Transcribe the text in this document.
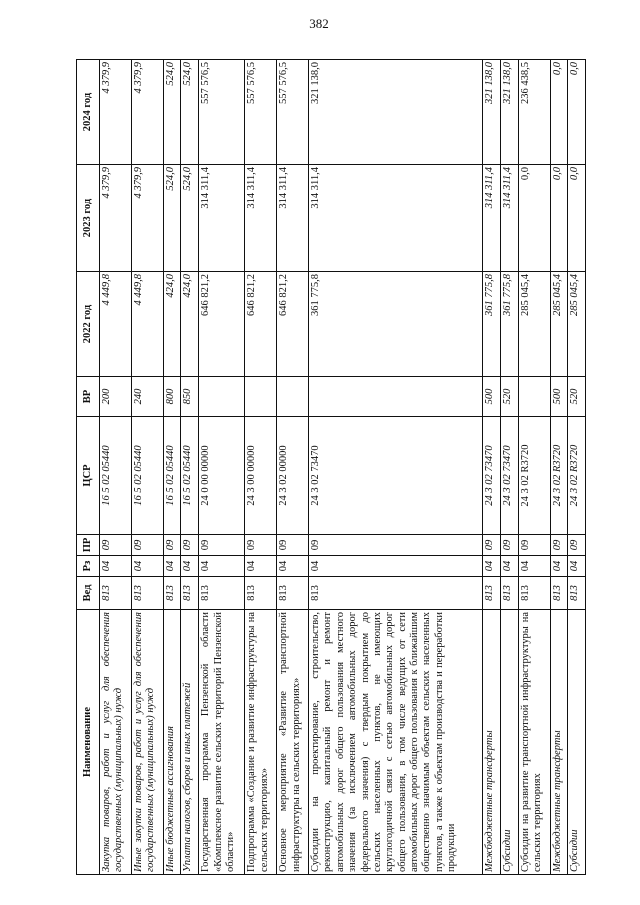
382
Наименование	Вед	Рз	ПР	ЦСР	ВР	2022 год	2023 год	2024 год
Закупка товаров, работ и услуг для обеспечения государственных (муниципальных) нужд	813	04	09	16 5 02 05440	200	4 449,8	4 379,9	4 379,9
Иные закупки товаров, работ и услуг для обеспечения государственных (муниципальных) нужд	813	04	09	16 5 02 05440	240	4 449,8	4 379,9	4 379,9
Иные бюджетные ассигнования	813	04	09	16 5 02 05440	800	424,0	524,0	524,0
Уплата налогов, сборов и иных платежей	813	04	09	16 5 02 05440	850	424,0	524,0	524,0
Государственная программа Пензенской области «Комплексное развитие сельских территорий Пензенской области»	813	04	09	24 0 00 00000		646 821,2	314 311,4	557 576,5
Подпрограмма «Создание и развитие инфраструктуры на сельских территориях»	813	04	09	24 3 00 00000		646 821,2	314 311,4	557 576,5
Основное мероприятие «Развитие транспортной инфраструктуры на сельских территориях»	813	04	09	24 3 02 00000		646 821,2	314 311,4	557 576,5
Субсидии на проектирование, строительство, реконструкцию, капитальный ремонт и ремонт автомобильных дорог общего пользования местного значения (за исключением автомобильных дорог федерального значения) с твердым покрытием до сельских населенных пунктов, не имеющих круглогодичной связи с сетью автомобильных дорог общего пользования, в том числе ведущих от сети автомобильных дорог общего пользования к ближайшим общественно значимым объектам сельских населенных пунктов, а также к объектам производства и переработки продукции	813	04	09	24 3 02 73470		361 775,8	314 311,4	321 138,0
Межбюджетные трансферты	813	04	09	24 3 02 73470	500	361 775,8	314 311,4	321 138,0
Субсидии	813	04	09	24 3 02 73470	520	361 775,8	314 311,4	321 138,0
Субсидии на развитие транспортной инфраструктуры на сельских территориях	813	04	09	24 3 02 R3720		285 045,4	0,0	236 438,5
Межбюджетные трансферты	813	04	09	24 3 02 R3720	500	285 045,4	0,0	0,0
Субсидии	813	04	09	24 3 02 R3720	520	285 045,4	0,0	0,0
